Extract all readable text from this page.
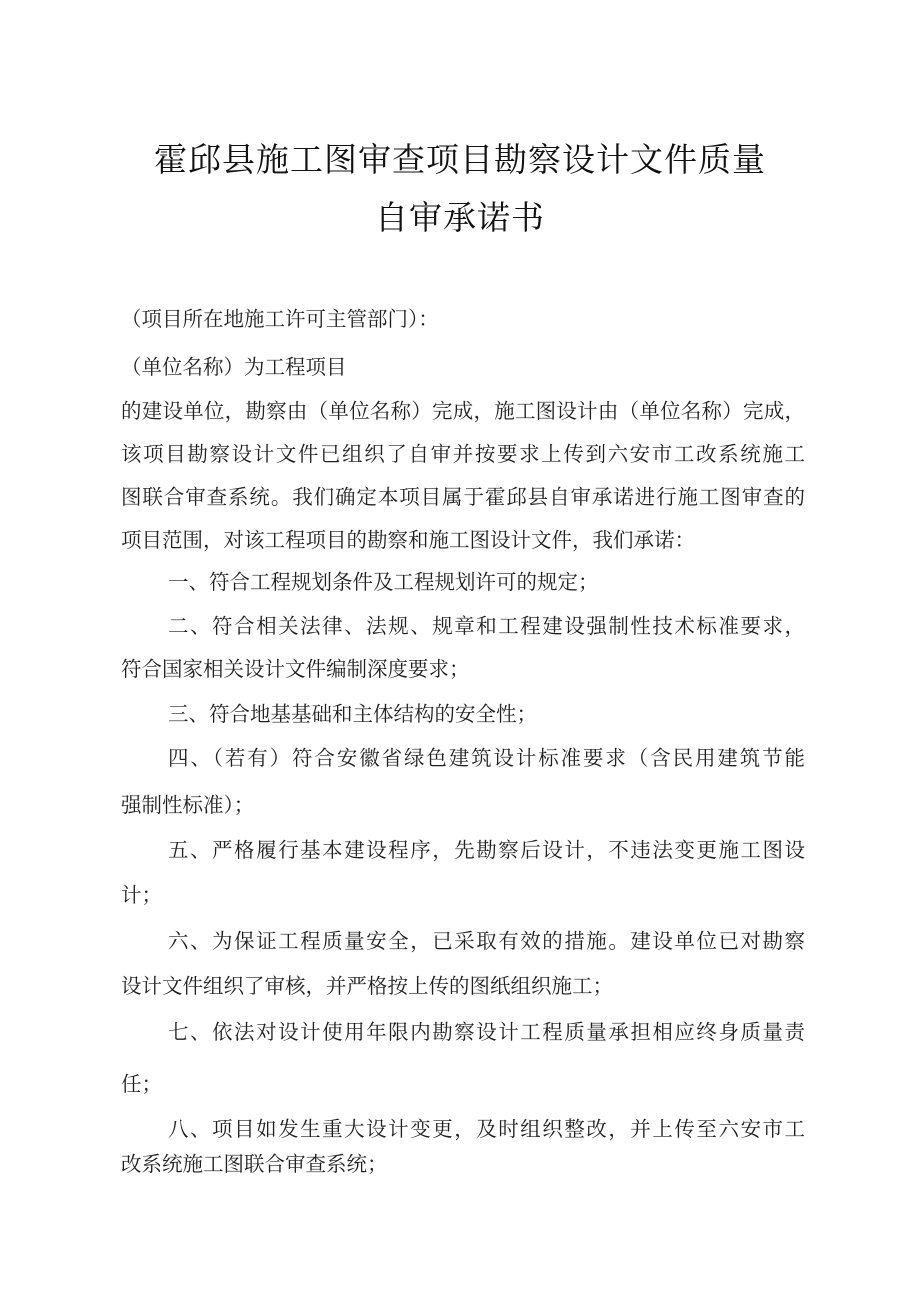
霍邱县施工图审查项目勘察设计文件质量
自审承诺书
（项目所在地施工许可主管部门）：
（单位名称）为工程项目
的建设单位，勘察由（单位名称）完成，施工图设计由（单位名称）完成，
该项目勘察设计文件已组织了自审并按要求上传到六安市工改系统施工
图联合审查系统。我们确定本项目属于霍邱县自审承诺进行施工图审查的
项目范围，对该工程项目的勘察和施工图设计文件，我们承诺：
一、符合工程规划条件及工程规划许可的规定；
二、符合相关法律、法规、规章和工程建设强制性技术标准要求，
符合国家相关设计文件编制深度要求；
三、符合地基基础和主体结构的安全性；
四、（若有）符合安徽省绿色建筑设计标准要求（含民用建筑节能
强制性标准）；
五、严格履行基本建设程序，先勘察后设计，不违法变更施工图设
计；
六、为保证工程质量安全，已采取有效的措施。建设单位已对勘察
设计文件组织了审核，并严格按上传的图纸组织施工；
七、依法对设计使用年限内勘察设计工程质量承担相应终身质量责
任；
八、项目如发生重大设计变更，及时组织整改，并上传至六安市工
改系统施工图联合审查系统；
